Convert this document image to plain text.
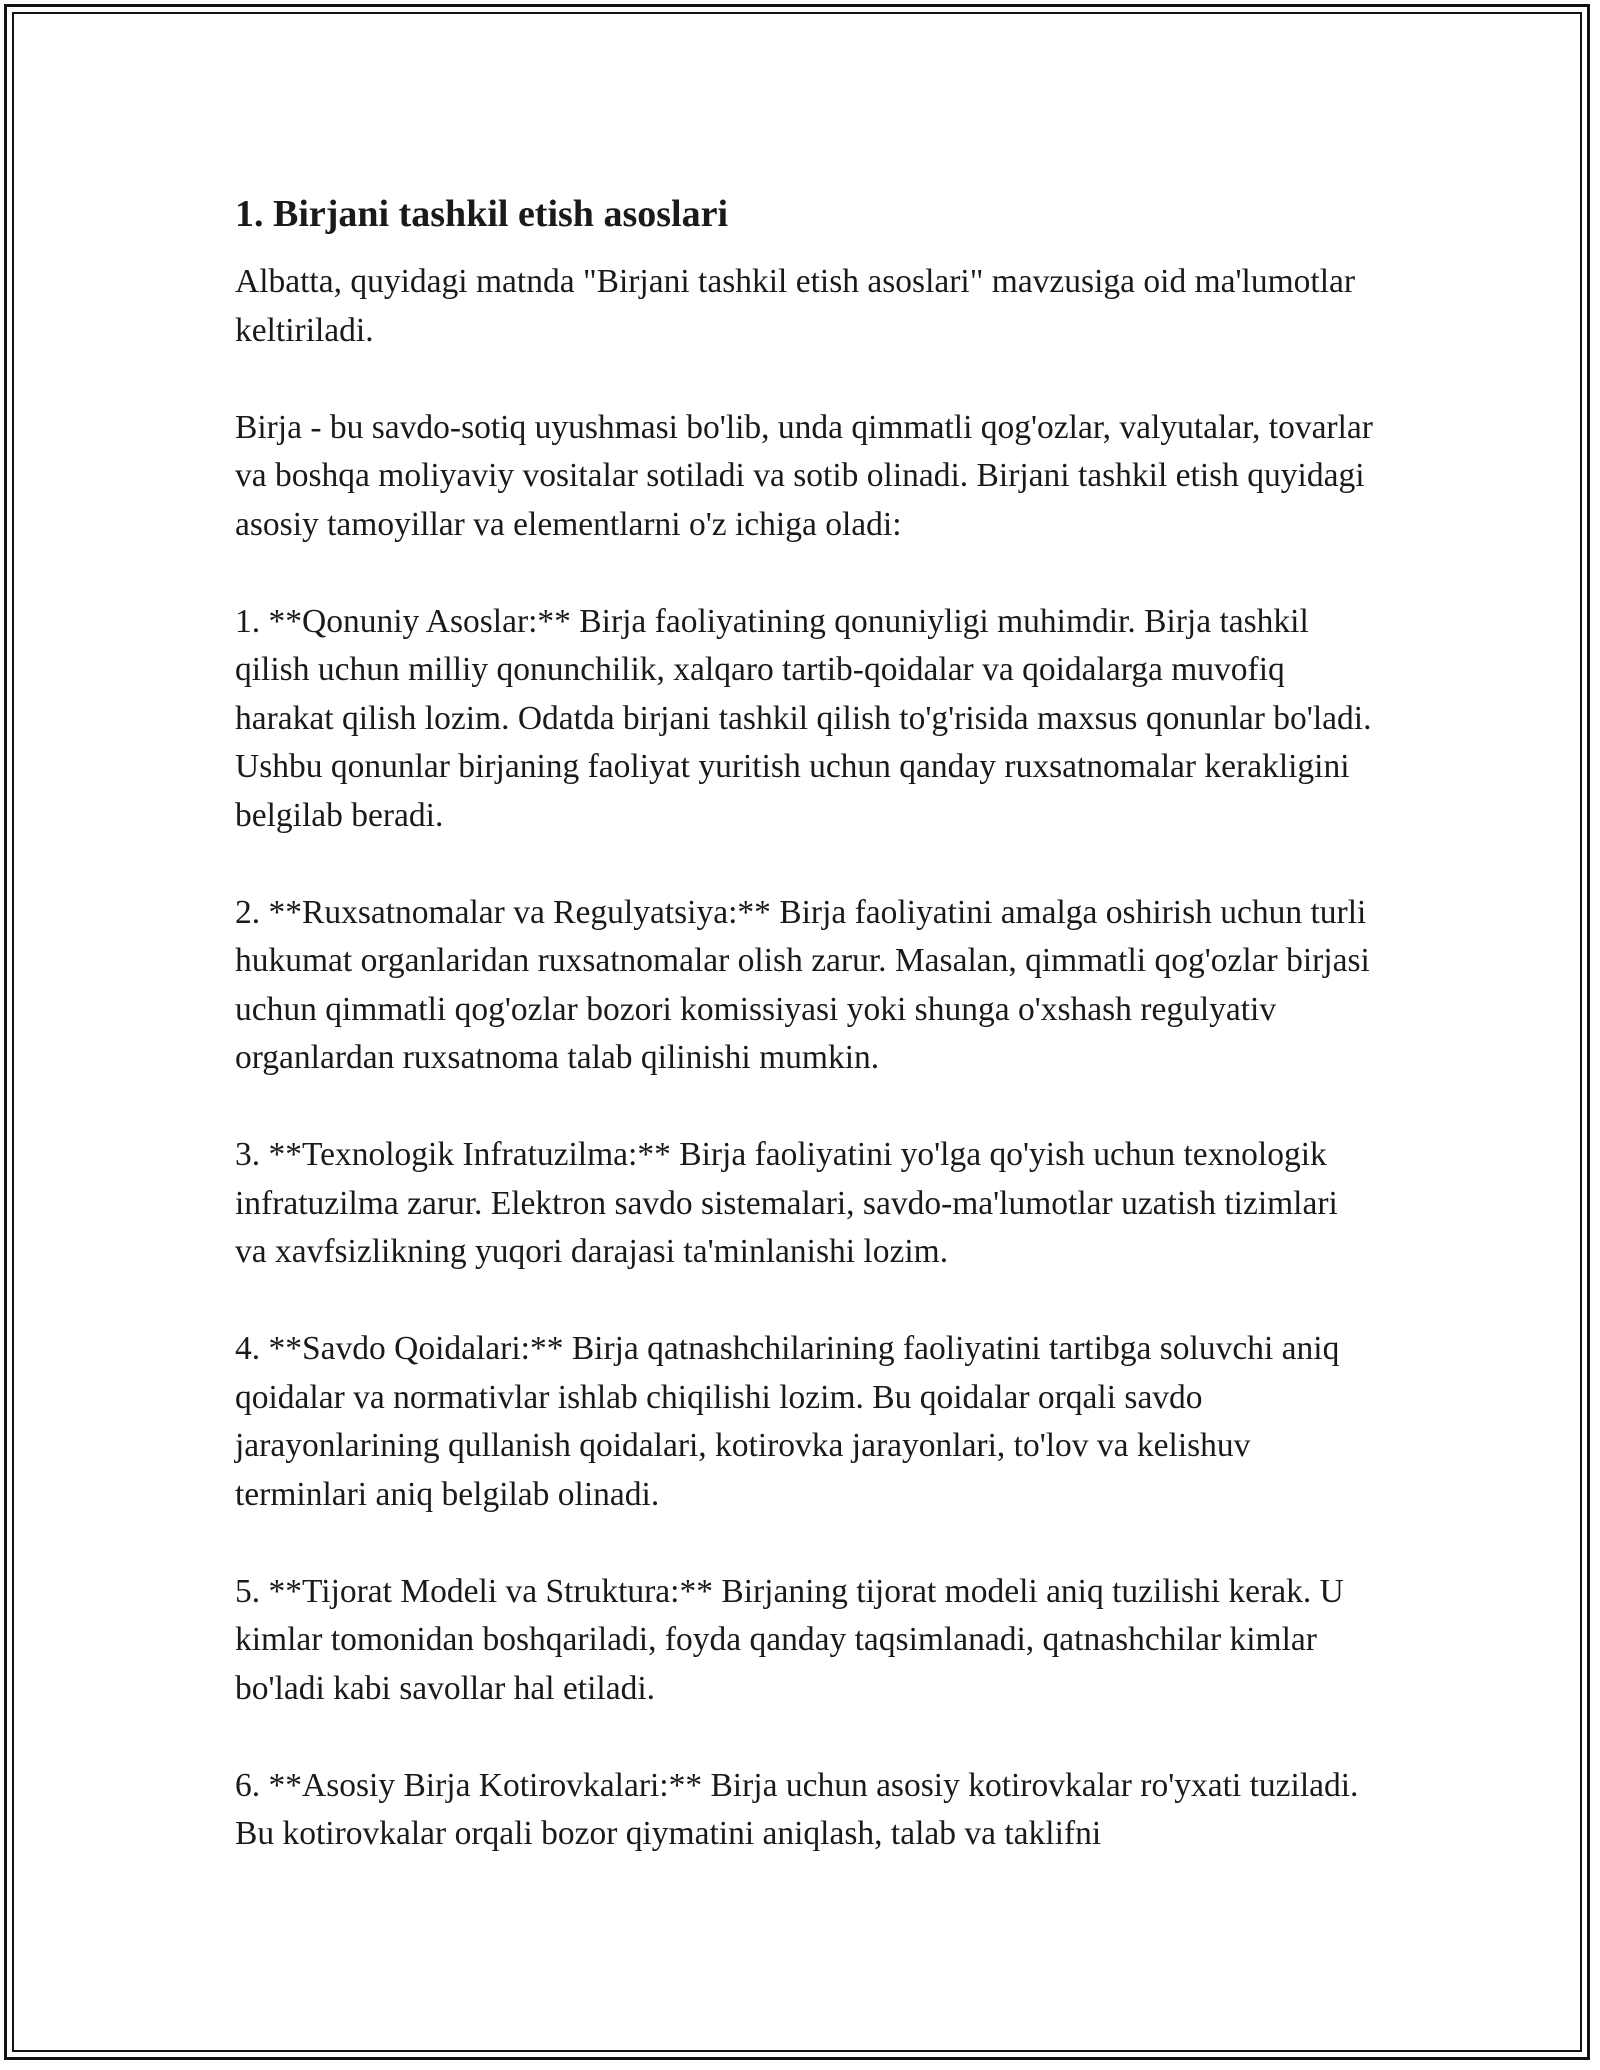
1. Birjani tashkil etish asoslari

Albatta, quyidagi matnda "Birjani tashkil etish asoslari" mavzusiga oid ma'lumotlar keltiriladi.

Birja - bu savdo-sotiq uyushmasi bo'lib, unda qimmatli qog'ozlar, valyutalar, tovarlar va boshqa moliyaviy vositalar sotiladi va sotib olinadi. Birjani tashkil etish quyidagi asosiy tamoyillar va elementlarni o'z ichiga oladi:

1. **Qonuniy Asoslar:** Birja faoliyatining qonuniyligi muhimdir. Birja tashkil qilish uchun milliy qonunchilik, xalqaro tartib-qoidalar va qoidalarga muvofiq harakat qilish lozim. Odatda birjani tashkil qilish to'g'risida maxsus qonunlar bo'ladi. Ushbu qonunlar birjaning faoliyat yuritish uchun qanday ruxsatnomalar kerakligini belgilab beradi.

2. **Ruxsatnomalar va Regulyatsiya:** Birja faoliyatini amalga oshirish uchun turli hukumat organlaridan ruxsatnomalar olish zarur. Masalan, qimmatli qog'ozlar birjasi uchun qimmatli qog'ozlar bozori komissiyasi yoki shunga o'xshash regulyativ organlardan ruxsatnoma talab qilinishi mumkin.

3. **Texnologik Infratuzilma:** Birja faoliyatini yo'lga qo'yish uchun texnologik infratuzilma zarur. Elektron savdo sistemalari, savdo-ma'lumotlar uzatish tizimlari va xavfsizlikning yuqori darajasi ta'minlanishi lozim.

4. **Savdo Qoidalari:** Birja qatnashchilarining faoliyatini tartibga soluvchi aniq qoidalar va normativlar ishlab chiqilishi lozim. Bu qoidalar orqali savdo jarayonlarining qullanish qoidalari, kotirovka jarayonlari, to'lov va kelishuv terminlari aniq belgilab olinadi.

5. **Tijorat Modeli va Struktura:** Birjaning tijorat modeli aniq tuzilishi kerak. U kimlar tomonidan boshqariladi, foyda qanday taqsimlanadi, qatnashchilar kimlar bo'ladi kabi savollar hal etiladi.

6. **Asosiy Birja Kotirovkalari:** Birja uchun asosiy kotirovkalar ro'yxati tuziladi. Bu kotirovkalar orqali bozor qiymatini aniqlash, talab va taklifni
